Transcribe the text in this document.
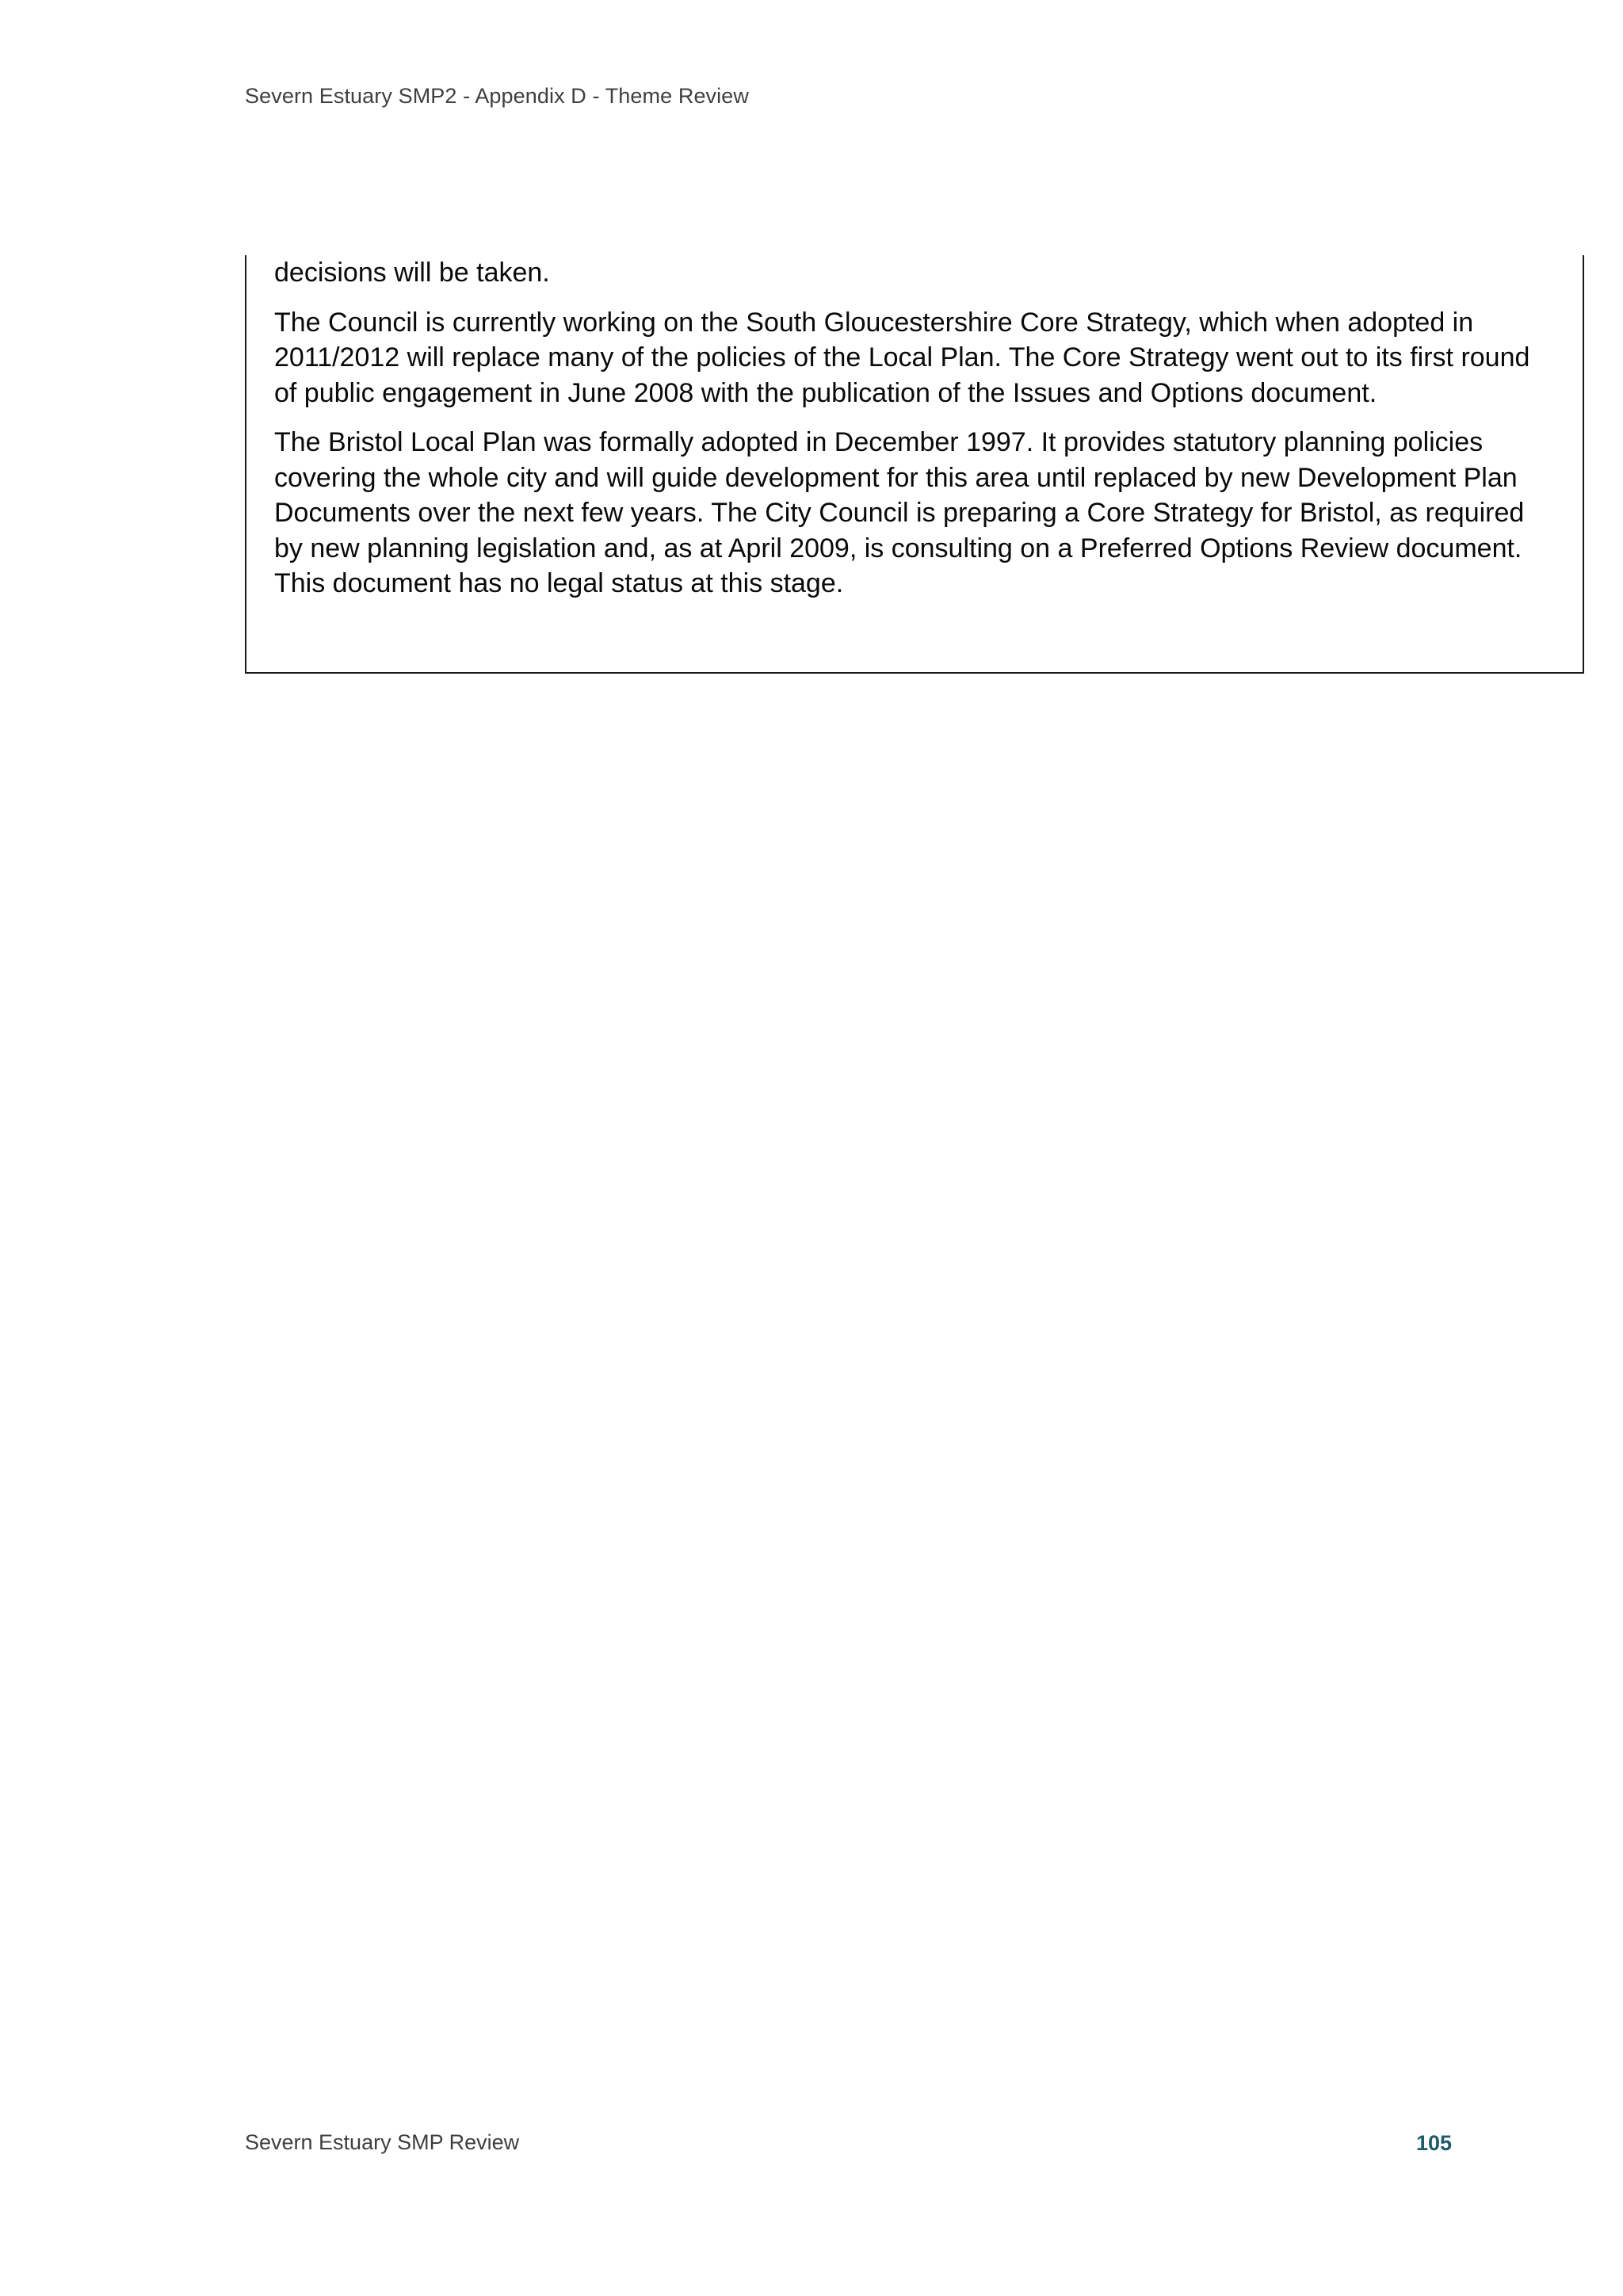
Severn Estuary SMP2 - Appendix D - Theme Review

decisions will be taken.

The Council is currently working on the South Gloucestershire Core Strategy, which when adopted in 2011/2012 will replace many of the policies of the Local Plan. The Core Strategy went out to its first round of public engagement in June 2008 with the publication of the Issues and Options document.

The Bristol Local Plan was formally adopted in December 1997. It provides statutory planning policies covering the whole city and will guide development for this area until replaced by new Development Plan Documents over the next few years. The City Council is preparing a Core Strategy for Bristol, as required by new planning legislation and, as at April 2009, is consulting on a Preferred Options Review document. This document has no legal status at this stage.

Severn Estuary SMP Review	105
